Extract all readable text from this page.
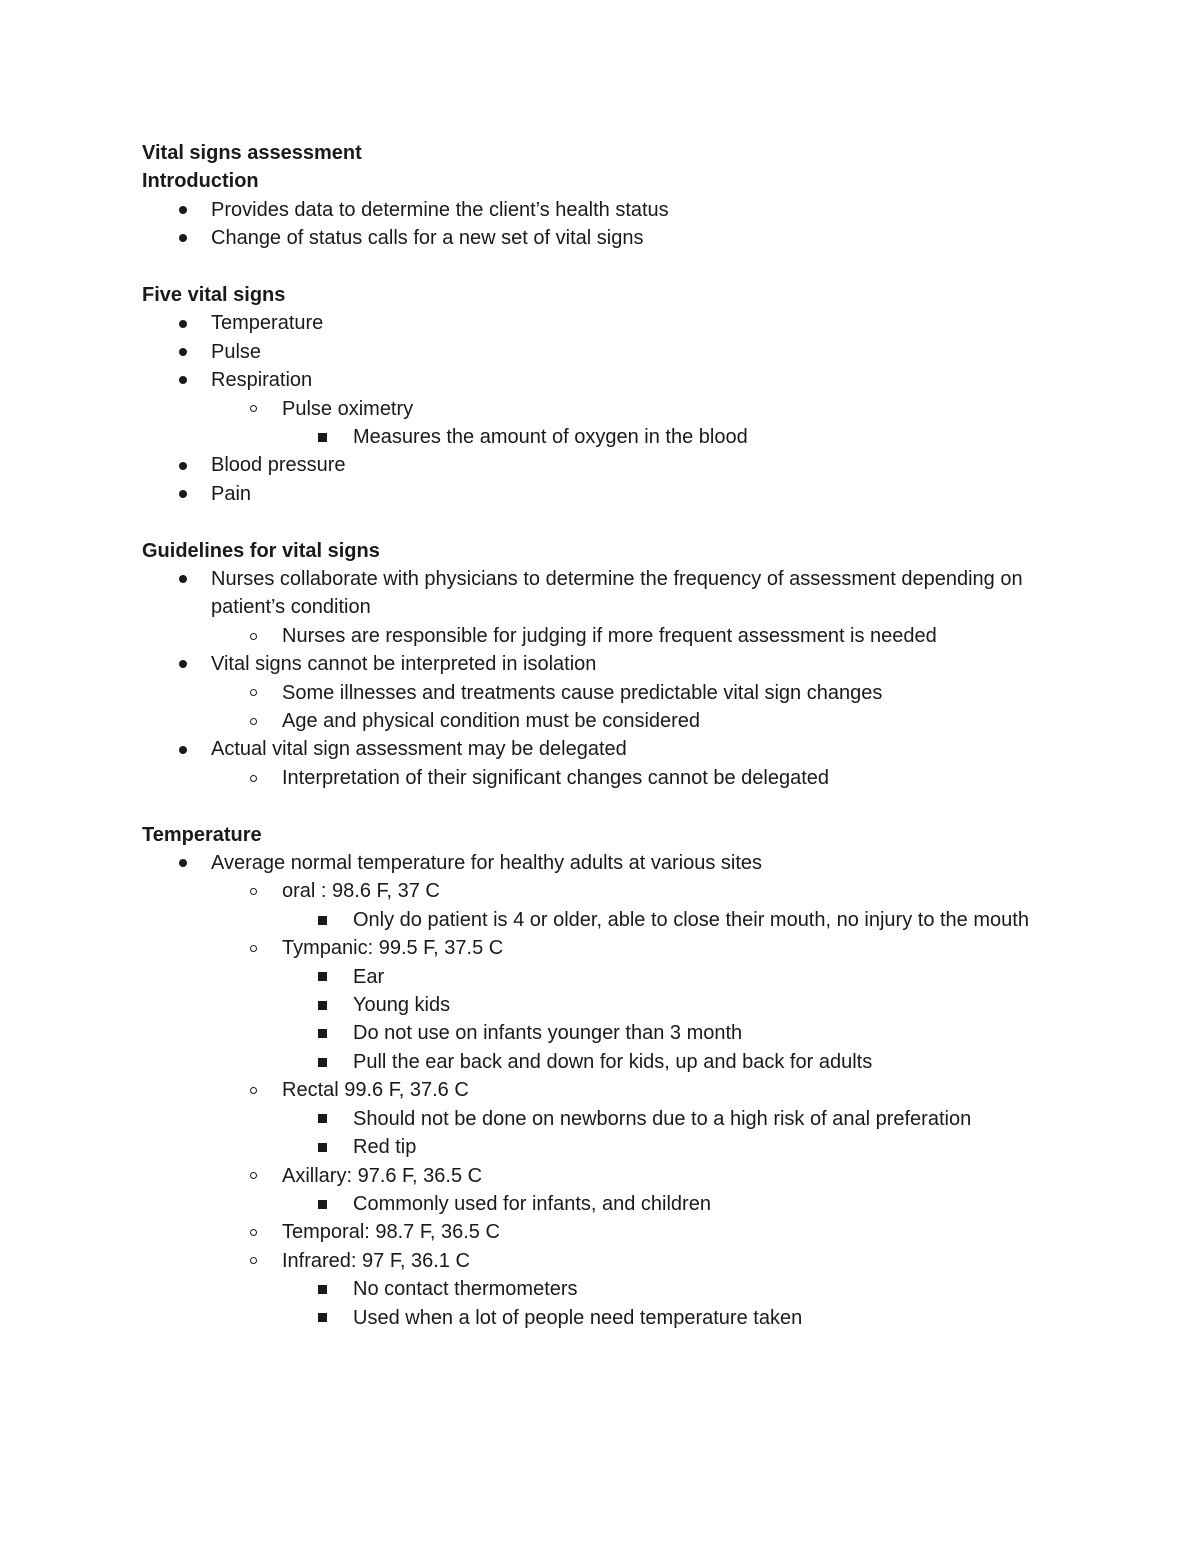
Vital signs assessment
Introduction
Provides data to determine the client’s health status
Change of status calls for a new set of vital signs
Five vital signs
Temperature
Pulse
Respiration
Pulse oximetry
Measures the amount of oxygen in the blood
Blood pressure
Pain
Guidelines for vital signs
Nurses collaborate with physicians to determine the frequency of assessment depending on patient’s condition
Nurses are responsible for judging if more frequent assessment is needed
Vital signs cannot be interpreted in isolation
Some illnesses and treatments cause predictable vital sign changes
Age and physical condition must be considered
Actual vital sign assessment may be delegated
Interpretation of their significant changes cannot be delegated
Temperature
Average normal temperature for healthy adults at various sites
oral : 98.6 F, 37 C
Only do patient is 4 or older, able to close their mouth, no injury to the mouth
Tympanic: 99.5 F, 37.5 C
Ear
Young kids
Do not use on infants younger than 3 month
Pull the ear back and down for kids, up and back for adults
Rectal 99.6 F, 37.6 C
Should not be done on newborns due to a high risk of anal preferation
Red tip
Axillary: 97.6 F, 36.5 C
Commonly used for infants, and children
Temporal: 98.7 F, 36.5 C
Infrared: 97 F, 36.1 C
No contact thermometers
Used when a lot of people need temperature taken
